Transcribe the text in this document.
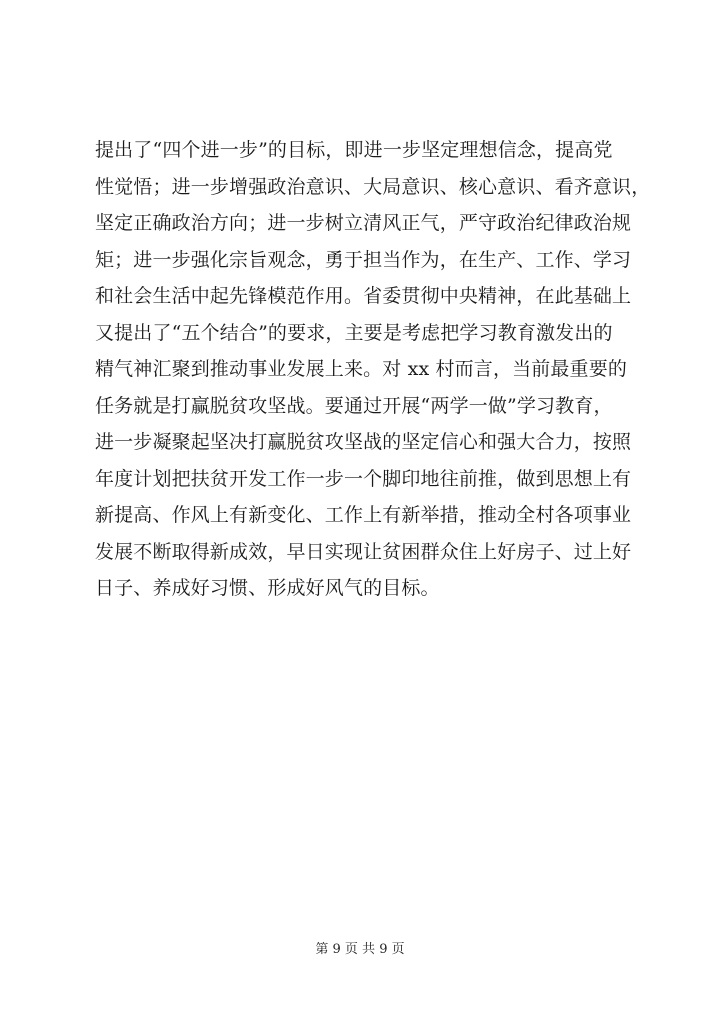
提出了“四个进一步”的目标，即进一步坚定理想信念，提高党
性觉悟；进一步增强政治意识、大局意识、核心意识、看齐意识，
坚定正确政治方向；进一步树立清风正气，严守政治纪律政治规
矩；进一步强化宗旨观念，勇于担当作为，在生产、工作、学习
和社会生活中起先锋模范作用。省委贯彻中央精神，在此基础上
又提出了“五个结合”的要求，主要是考虑把学习教育激发出的
精气神汇聚到推动事业发展上来。对 xx 村而言，当前最重要的
任务就是打赢脱贫攻坚战。要通过开展“两学一做”学习教育，
进一步凝聚起坚决打赢脱贫攻坚战的坚定信心和强大合力，按照
年度计划把扶贫开发工作一步一个脚印地往前推，做到思想上有
新提高、作风上有新变化、工作上有新举措，推动全村各项事业
发展不断取得新成效，早日实现让贫困群众住上好房子、过上好
日子、养成好习惯、形成好风气的目标。
第 9 页 共 9 页
